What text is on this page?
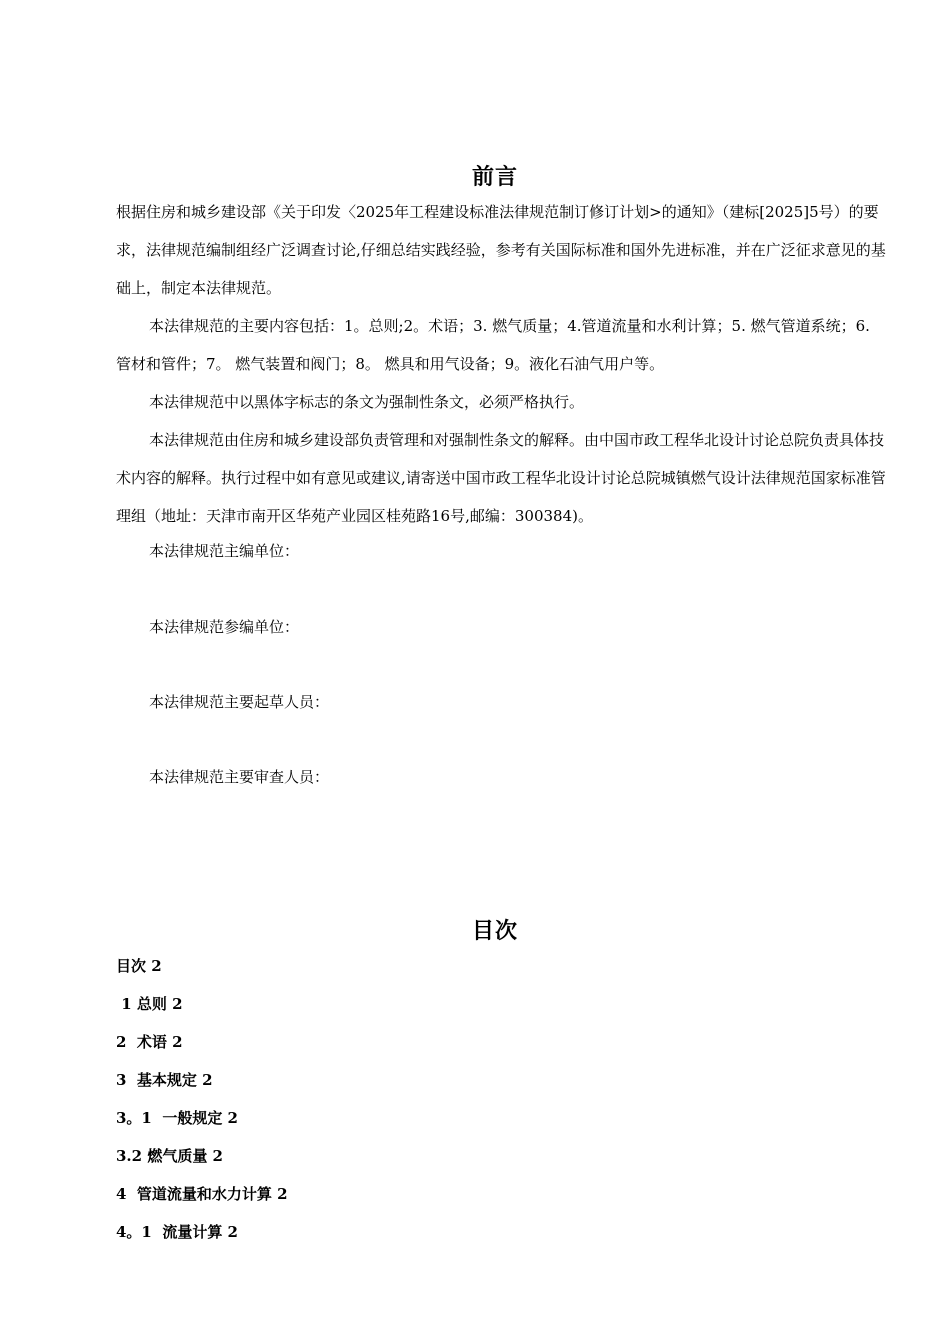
前言

根据住房和城乡建设部《关于印发〈2025年工程建设标准法律规范制订修订计划>的通知》（建标[2025]5号）的要求，法律规范编制组经广泛调查讨论,仔细总结实践经验，参考有关国际标准和国外先进标准，并在广泛征求意见的基础上，制定本法律规范。

本法律规范的主要内容包括：1。总则;2。术语；3. 燃气质量；4.管道流量和水利计算；5. 燃气管道系统；6. 管材和管件；7。 燃气装置和阀门；8。 燃具和用气设备；9。液化石油气用户等。

本法律规范中以黑体字标志的条文为强制性条文，必须严格执行。

本法律规范由住房和城乡建设部负责管理和对强制性条文的解释。由中国市政工程华北设计讨论总院负责具体技术内容的解释。执行过程中如有意见或建议,请寄送中国市政工程华北设计讨论总院城镇燃气设计法律规范国家标准管理组（地址：天津市南开区华苑产业园区桂苑路16号,邮编：300384)。

本法律规范主编单位：
本法律规范参编单位：
本法律规范主要起草人员：
本法律规范主要审查人员：
目次
目次 2
1 总则 2
2  术语 2
3  基本规定 2
3。1  一般规定 2
3.2 燃气质量 2
4  管道流量和水力计算 2
4。1  流量计算 2
